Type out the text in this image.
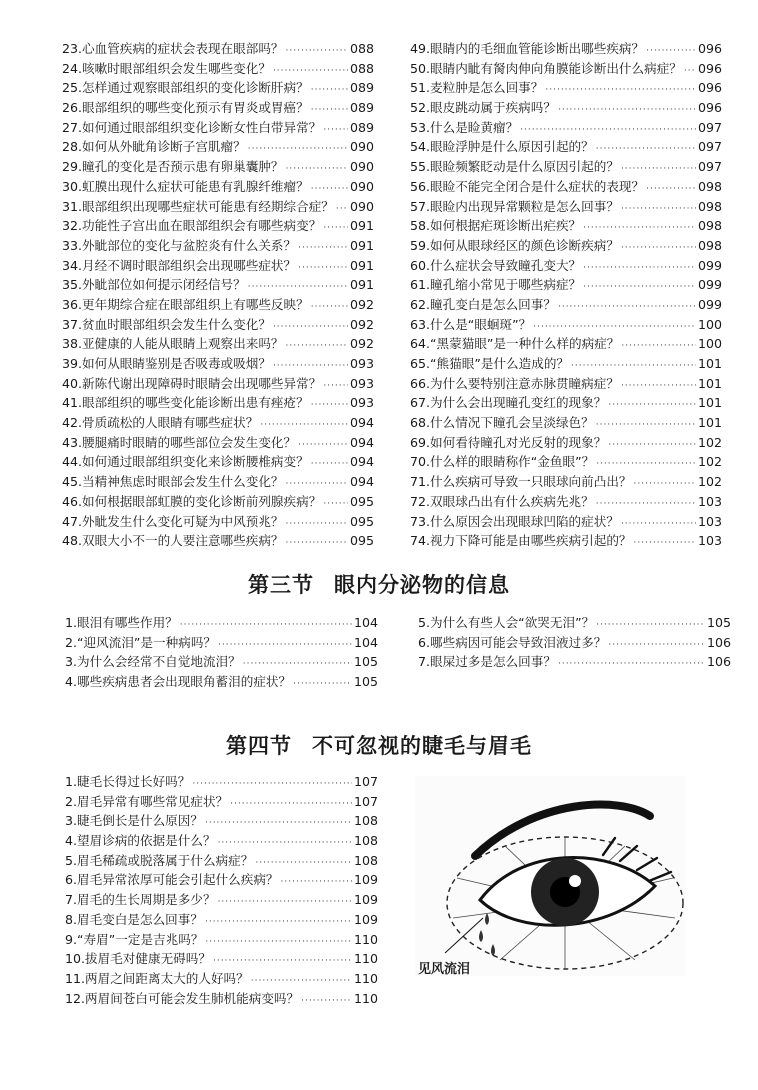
23.心血管疾病的症状会表现在眼部吗？ ·····	088
24.咳嗽时眼部组织会发生哪些变化？ ·····	088
25.怎样通过观察眼部组织的变化诊断肝病？ ·····	089
26.眼部组织的哪些变化预示有胃炎或胃癌？ ·····	089
27.如何通过眼部组织变化诊断女性白带异常？ ····· 089
28.如何从外眦角诊断子宫肌瘤？ ·····	090
29.瞳孔的变化是否预示患有卵巢囊肿？ ·····	090
30.虹膜出现什么症状可能患有乳腺纤维瘤？ ·····	090
31.眼部组织出现哪些症状可能患有经期综合症？ ····· 090
32.功能性子宫出血在眼部组织会有哪些病变？ ····· 091
33.外眦部位的变化与盆腔炎有什么关系？ ·····	091
34.月经不调时眼部组织会出现哪些症状？ ·····	091
35.外眦部位如何提示闭经信号？ ·····	091
36.更年期综合症在眼部组织上有哪些反映？ ·····	092
37.贫血时眼部组织会发生什么变化？ ·····	092
38.亚健康的人能从眼睛上观察出来吗？ ·····	092
39.如何从眼睛鉴别是否吸毒或吸烟？ ·····	093
40.新陈代谢出现障碍时眼睛会出现哪些异常？ ····· 093
41.眼部组织的哪些变化能诊断出患有痤疮？ ·····	093
42.骨质疏松的人眼睛有哪些症状？ ·····	094
43.腰腿痛时眼睛的哪些部位会发生变化？ ·····	094
44.如何通过眼部组织变化来诊断腰椎病变？ ·····	094
45.当精神焦虑时眼部会发生什么变化？ ·····	094
46.如何根据眼部虹膜的变化诊断前列腺疾病？ ····· 095
47.外眦发生什么变化可疑为中风预兆？ ·····	095
48.双眼大小不一的人要注意哪些疾病？ ·····	095
49.眼睛内的毛细血管能诊断出哪些疾病？ ·····	096
50.眼睛内眦有胬肉伸向角膜能诊断出什么病症？ ····· 096
51.麦粒肿是怎么回事？ ·····	096
52.眼皮跳动属于疾病吗？ ·····	096
53.什么是睑黄瘤？ ·····	097
54.眼睑浮肿是什么原因引起的？ ·····	097
55.眼睑频繁眨动是什么原因引起的？ ·····	097
56.眼睑不能完全闭合是什么症状的表现？ ·····	098
57.眼睑内出现异常颗粒是怎么回事？ ·····	098
58.如何根据疟斑诊断出疟疾？ ·····	098
59.如何从眼球经区的颜色诊断疾病？ ·····	098
60.什么症状会导致瞳孔变大？ ·····	099
61.瞳孔缩小常见于哪些病症？ ·····	099
62.瞳孔变白是怎么回事？ ·····	099
63.什么是“眼蛔斑”？ ·····	100
64.“黑蒙猫眼”是一种什么样的病症？ ·····	100
65.“熊猫眼”是什么造成的？ ·····	101
66.为什么要特别注意赤脉贯瞳病症？ ·····	101
67.为什么会出现瞳孔变红的现象？ ·····	101
68.什么情况下瞳孔会呈淡绿色？ ·····	101
69.如何看待瞳孔对光反射的现象？ ·····	102
70.什么样的眼睛称作“金鱼眼”？ ·····	102
71.什么疾病可导致一只眼球向前凸出？ ·····	102
72.双眼球凸出有什么疾病先兆？ ·····	103
73.什么原因会出现眼球凹陷的症状？ ·····	103
74.视力下降可能是由哪些疾病引起的？ ·····	103
第三节 眼内分泌物的信息
1.眼泪有哪些作用？ ·····	104
2.“迎风流泪”是一种病吗？ ·····	104
3.为什么会经常不自觉地流泪？ ·····	105
4.哪些疾病患者会出现眼角蓄泪的症状？ ·····	105
5.为什么有些人会“欲哭无泪”？ ·····	105
6.哪些病因可能会导致泪液过多？ ·····	106
7.眼屎过多是怎么回事？ ·····	106
第四节 不可忽视的睫毛与眉毛
1.睫毛长得过长好吗？ ·····	107
2.眉毛异常有哪些常见症状？ ·····	107
3.睫毛倒长是什么原因？ ·····	108
4.望眉诊病的依据是什么？ ·····	108
5.眉毛稀疏或脱落属于什么病症？ ·····	108
6.眉毛异常浓厚可能会引起什么疾病？ ·····	109
7.眉毛的生长周期是多少？ ·····	109
8.眉毛变白是怎么回事？ ·····	109
9.“寿眉”一定是吉兆吗？ ·····	110
10.拔眉毛对健康无碍吗？ ·····	110
11.两眉之间距离太大的人好吗？ ·····	110
12.两眉间苍白可能会发生肺机能病变吗？ ·····	110
见风流泪
